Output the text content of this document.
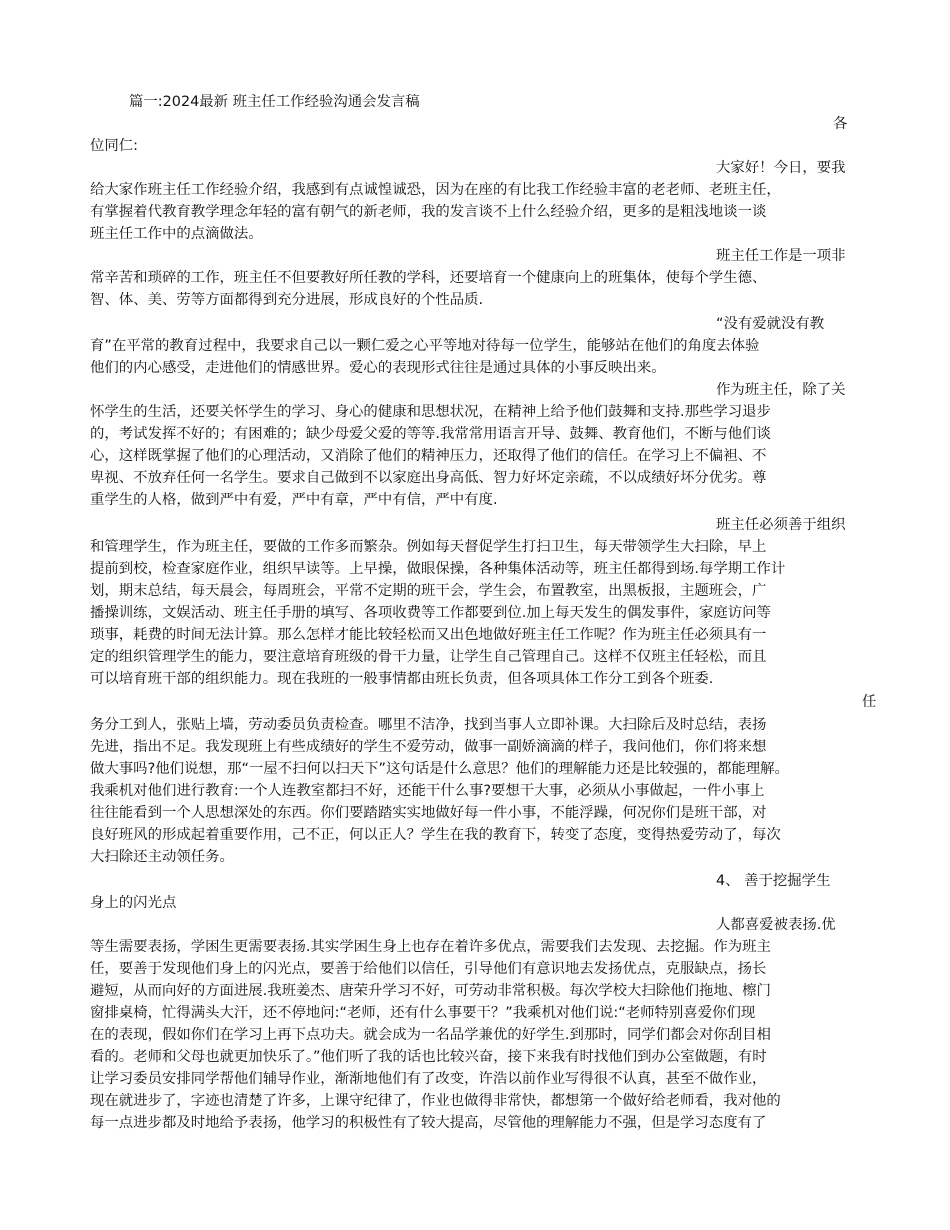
篇一:2024最新 班主任工作经验沟通会发言稿
各
位同仁:
大家好！今日，要我
给大家作班主任工作经验介绍，我感到有点诚惶诚恐，因为在座的有比我工作经验丰富的老老师、老班主任，
有掌握着代教育教学理念年轻的富有朝气的新老师，我的发言谈不上什么经验介绍，更多的是粗浅地谈一谈
班主任工作中的点滴做法。
班主任工作是一项非
常辛苦和琐碎的工作，班主任不但要教好所任教的学科，还要培育一个健康向上的班集体，使每个学生德、
智、体、美、劳等方面都得到充分进展，形成良好的个性品质.
“没有爱就没有教
育”在平常的教育过程中，我要求自己以一颗仁爱之心平等地对待每一位学生，能够站在他们的角度去体验
他们的内心感受，走进他们的情感世界。爱心的表现形式往往是通过具体的小事反映出来。
作为班主任，除了关
怀学生的生活，还要关怀学生的学习、身心的健康和思想状况，在精神上给予他们鼓舞和支持.那些学习退步
的，考试发挥不好的；有困难的；缺少母爱父爱的等等.我常常用语言开导、鼓舞、教育他们，不断与他们谈
心，这样既掌握了他们的心理活动，又消除了他们的精神压力，还取得了他们的信任。在学习上不偏袒、不
卑视、不放弃任何一名学生。要求自己做到不以家庭出身高低、智力好坏定亲疏，不以成绩好坏分优劣。尊
重学生的人格，做到严中有爱，严中有章，严中有信，严中有度.
班主任必须善于组织
和管理学生，作为班主任，要做的工作多而繁杂。例如每天督促学生打扫卫生，每天带领学生大扫除，早上
提前到校，检查家庭作业，组织早读等。上早操，做眼保操，各种集体活动等，班主任都得到场.每学期工作计
划，期末总结，每天晨会，每周班会，平常不定期的班干会，学生会，布置教室，出黑板报，主题班会，广
播操训练，文娱活动、班主任手册的填写、各项收费等工作都要到位.加上每天发生的偶发事件，家庭访问等
琐事，耗费的时间无法计算。那么怎样才能比较轻松而又出色地做好班主任工作呢？作为班主任必须具有一
定的组织管理学生的能力，要注意培育班级的骨干力量，让学生自己管理自己。这样不仅班主任轻松，而且
可以培育班干部的组织能力。现在我班的一般事情都由班长负责，但各项具体工作分工到各个班委.
任
务分工到人，张贴上墙，劳动委员负责检查。哪里不洁净，找到当事人立即补课。大扫除后及时总结，表扬
先进，指出不足。我发现班上有些成绩好的学生不爱劳动，做事一副娇滴滴的样子，我问他们，你们将来想
做大事吗?他们说想，那“一屋不扫何以扫天下”这句话是什么意思？他们的理解能力还是比较强的，都能理解。
我乘机对他们进行教育:一个人连教室都扫不好，还能干什么事?要想干大事，必须从小事做起，一件小事上
往往能看到一个人思想深处的东西。你们要踏踏实实地做好每一件小事，不能浮躁，何况你们是班干部，对
良好班风的形成起着重要作用，己不正，何以正人？学生在我的教育下，转变了态度，变得热爱劳动了，每次
大扫除还主动领任务。
4、 善于挖掘学生
身上的闪光点
人都喜爱被表扬.优
等生需要表扬，学困生更需要表扬.其实学困生身上也存在着许多优点，需要我们去发现、去挖掘。作为班主
任，要善于发现他们身上的闪光点，要善于给他们以信任，引导他们有意识地去发扬优点，克服缺点，扬长
避短，从而向好的方面进展.我班姜杰、唐荣升学习不好，可劳动非常积极。每次学校大扫除他们拖地、檫门
窗排桌椅，忙得满头大汗，还不停地问:“老师，还有什么事要干？”我乘机对他们说:“老师特别喜爱你们现
在的表现，假如你们在学习上再下点功夫。就会成为一名品学兼优的好学生.到那时，同学们都会对你刮目相
看的。老师和父母也就更加快乐了。”他们听了我的话也比较兴奋，接下来我有时找他们到办公室做题，有时
让学习委员安排同学帮他们辅导作业，渐渐地他们有了改变，许浩以前作业写得很不认真，甚至不做作业，
现在就进步了，字迹也清楚了许多，上课守纪律了，作业也做得非常快，都想第一个做好给老师看，我对他的
每一点进步都及时地给予表扬，他学习的积极性有了较大提高，尽管他的理解能力不强，但是学习态度有了
